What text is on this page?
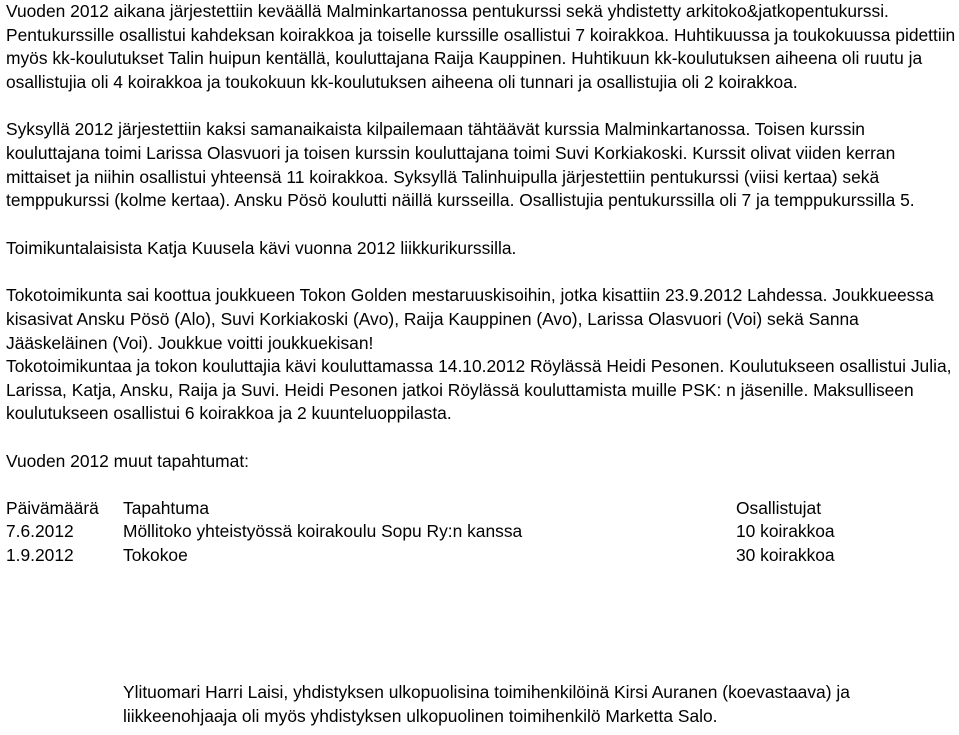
Vuoden 2012 aikana järjestettiin keväällä Malminkartanossa pentukurssi sekä yhdistetty arkitoko&jatkopentukurssi. Pentukurssille osallistui kahdeksan koirakkoa ja toiselle kurssille osallistui 7 koirakkoa. Huhtikuussa ja toukokuussa pidettiin myös kk-koulutukset Talin huipun kentällä, kouluttajana Raija Kauppinen. Huhtikuun kk-koulutuksen aiheena oli ruutu ja osallistujia oli 4 koirakkoa ja toukokuun kk-koulutuksen aiheena oli tunnari ja osallistujia oli 2 koirakkoa.

Syksyllä 2012 järjestettiin kaksi samanaikaista kilpailemaan tähtäävät kurssia Malminkartanossa. Toisen kurssin kouluttajana toimi Larissa Olasvuori ja toisen kurssin kouluttajana toimi Suvi Korkiakoski. Kurssit olivat viiden kerran mittaiset ja niihin osallistui yhteensä 11 koirakkoa. Syksyllä Talinhuipulla järjestettiin pentukurssi (viisi kertaa) sekä temppukurssi (kolme kertaa). Ansku Pösö koulutti näillä kursseilla. Osallistujia pentukurssilla oli 7 ja temppukurssilla 5.

Toimikuntalaisista Katja Kuusela kävi vuonna 2012 liikkurikurssilla.

Tokotoimikunta sai koottua joukkueen Tokon Golden mestaruuskisoihin, jotka kisattiin 23.9.2012 Lahdessa. Joukkueessa kisasivat Ansku Pösö (Alo), Suvi Korkiakoski (Avo), Raija Kauppinen (Avo), Larissa Olasvuori (Voi) sekä Sanna Jääskeläinen (Voi). Joukkue voitti joukkuekisan!

Tokotoimikuntaa ja tokon kouluttajia kävi kouluttamassa 14.10.2012 Röylässä Heidi Pesonen. Koulutukseen osallistui Julia, Larissa, Katja, Ansku, Raija ja Suvi. Heidi Pesonen jatkoi Röylässä kouluttamista muille PSK: n jäsenille. Maksulliseen koulutukseen osallistui 6 koirakkoa ja 2 kuunteluoppilasta.

Vuoden 2012 muut tapahtumat:

Päivämäärä Tapahtuma	Osallistujat
7.6.2012	Möllitoko yhteistyössä koirakoulu Sopu Ry:n kanssa	10 koirakkoa
1.9.2012	Tokokoe	30 koirakkoa

Ylituomari Harri Laisi, yhdistyksen ulkopuolisina toimihenkilöinä Kirsi Auranen (koevastaava) ja liikkeenohjaaja oli myös yhdistyksen ulkopuolinen toimihenkilö Marketta Salo.
